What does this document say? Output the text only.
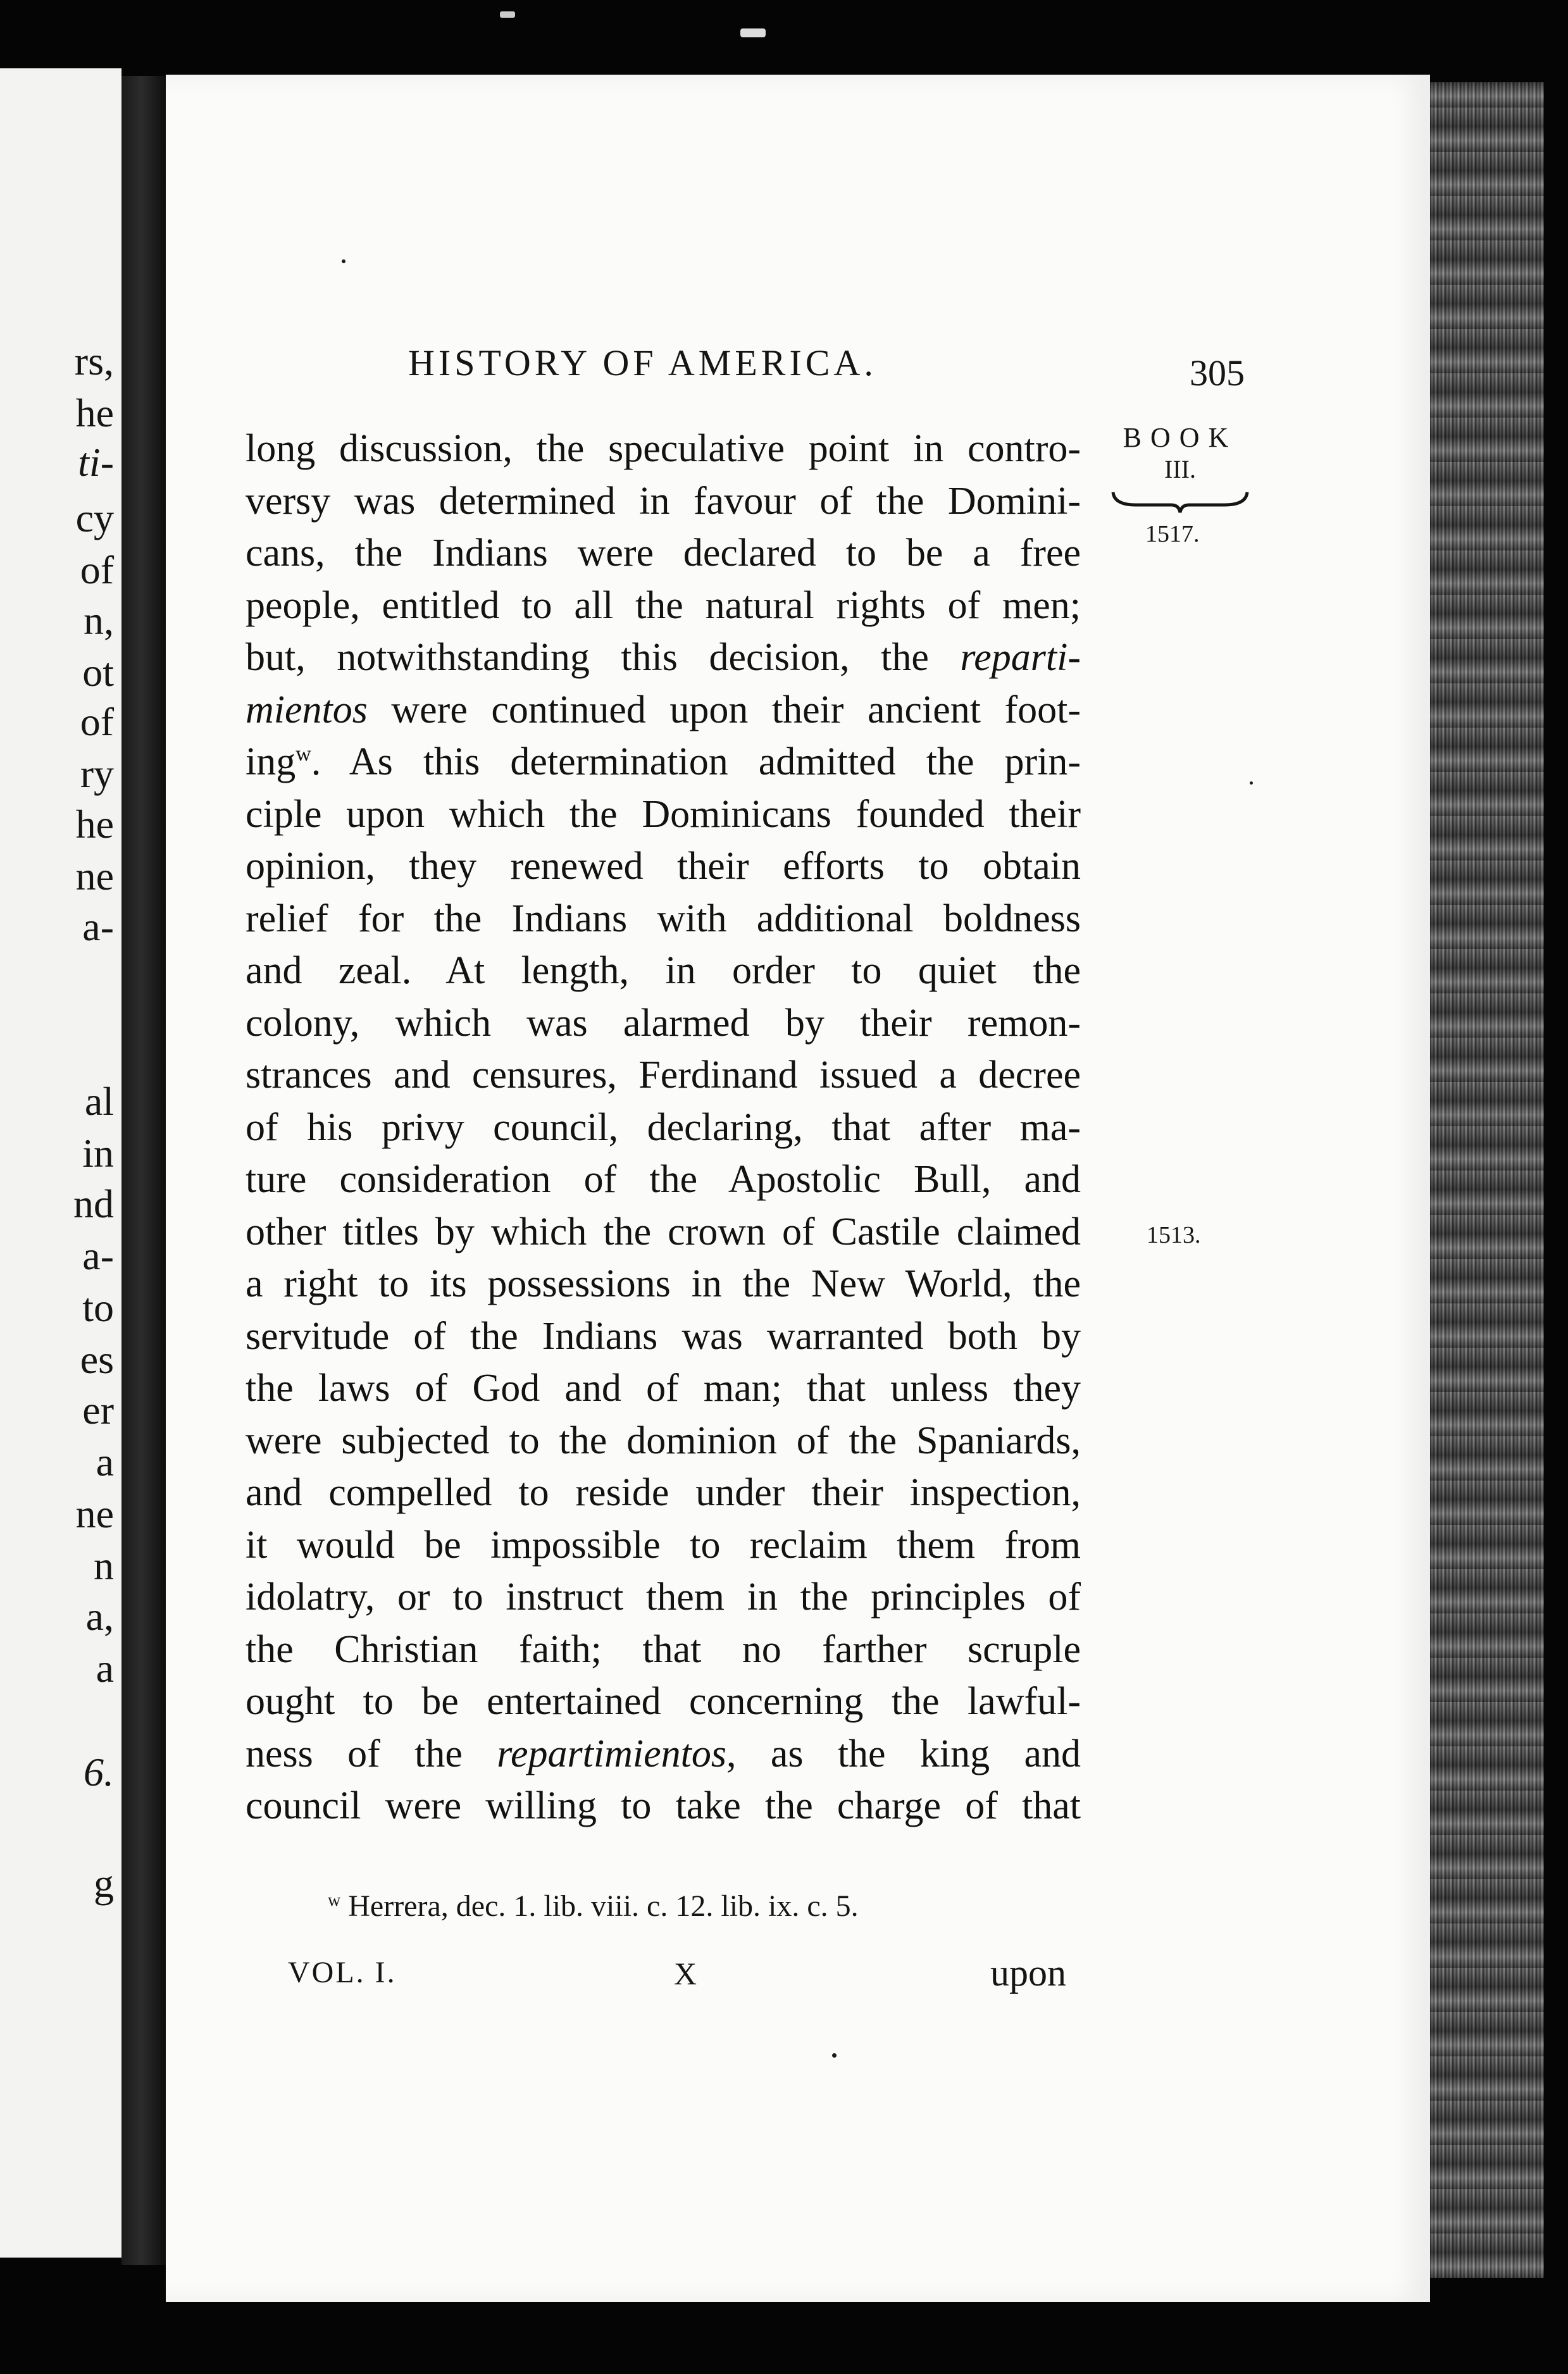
rs,
he
ti-
cy
of
n,
ot
of
ry
he
ne
a-
al
in
nd
a-
to
es
er
a
ne
n
a,
a
6.
g
HISTORY OF AMERICA.	305
BOOK
III.
1517.
1513.
long discussion, the speculative point in contro-
versy was determined in favour of the Domini-
cans, the Indians were declared to be a free
people, entitled to all the natural rights of men;
but, notwithstanding this decision, the reparti-
mientos were continued upon their ancient foot-
ing$^w$. As this determination admitted the prin-
ciple upon which the Dominicans founded their
opinion, they renewed their efforts to obtain
relief for the Indians with additional boldness
and zeal. At length, in order to quiet the
colony, which was alarmed by their remon-
strances and censures, Ferdinand issued a decree
of his privy council, declaring, that after ma-
ture consideration of the Apostolic Bull, and
other titles by which the crown of Castile claimed
a right to its possessions in the New World, the
servitude of the Indians was warranted both by
the laws of God and of man; that unless they
were subjected to the dominion of the Spaniards,
and compelled to reside under their inspection,
it would be impossible to reclaim them from
idolatry, or to instruct them in the principles of
the Christian faith; that no farther scruple
ought to be entertained concerning the lawful-
ness of the repartimientos, as the king and
council were willing to take the charge of that
$^w$ Herrera, dec. 1. lib. viii. c. 12. lib. ix. c. 5.
VOL. I.	X	upon
